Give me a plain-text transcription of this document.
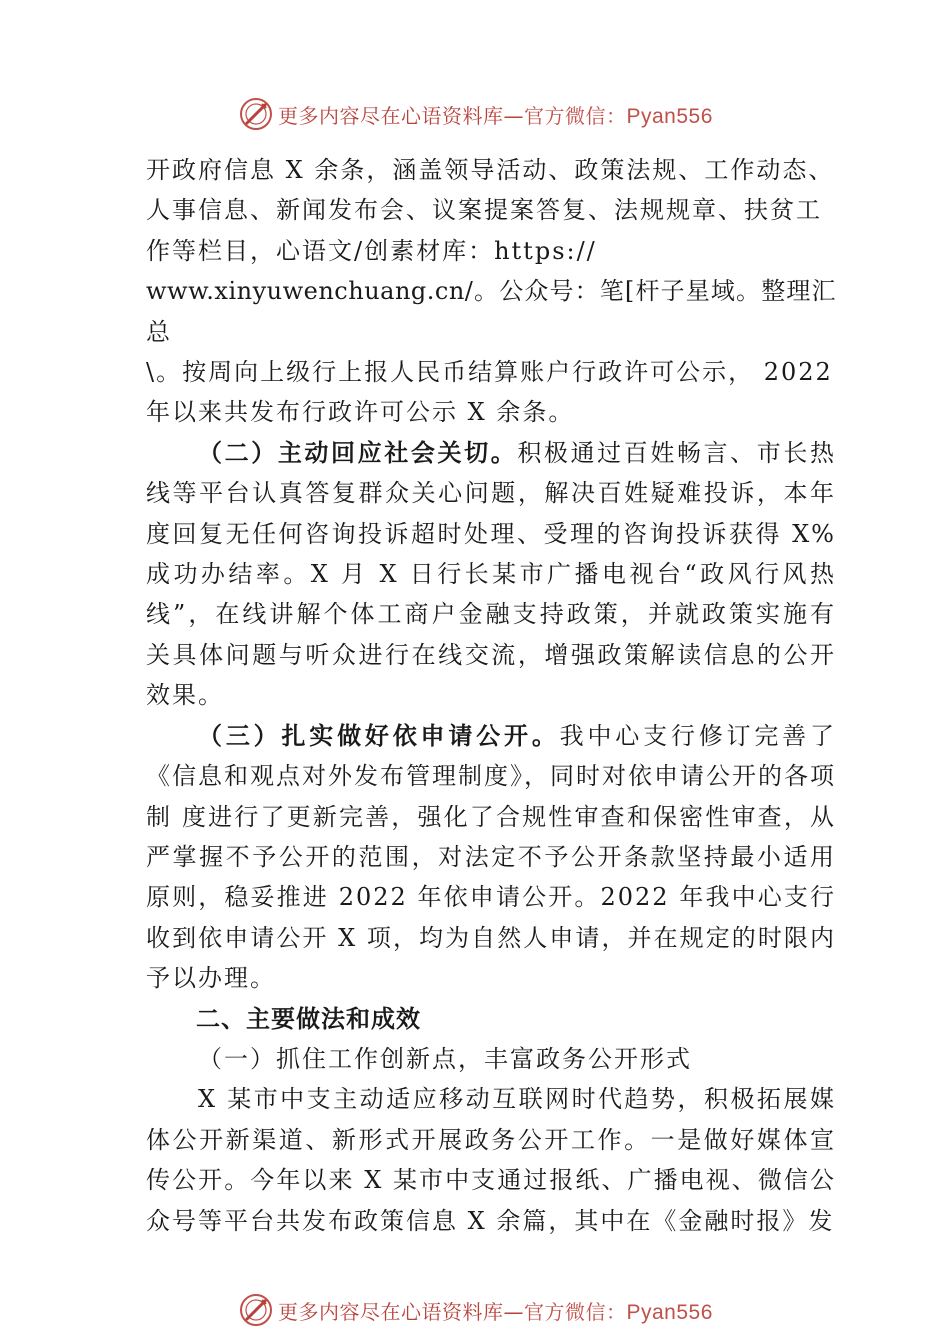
更多内容尽在心语资料库—官方微信：Pyan556

开政府信息 X 余条，涵盖领导活动、政策法规、工作动态、
人事信息、新闻发布会、议案提案答复、法规规章、扶贫工
作等栏目，心语文/创素材库：https://
www.xinyuwenchuang.cn/。公众号：笔[杆子星域。整理汇总
\。按周向上级行上报人民币结算账户行政许可公示， 2022
年以来共发布行政许可公示 X 余条。

（二）主动回应社会关切。积极通过百姓畅言、市长热线等平台认真答复群众关心问题，解决百姓疑难投诉，本年度回复无任何咨询投诉超时处理、受理的咨询投诉获得 X% 成功办结率。X 月 X 日行长某市广播电视台“政风行风热线”，在线讲解个体工商户金融支持政策，并就政策实施有关具体问题与听众进行在线交流，增强政策解读信息的公开效果。

（三）扎实做好依申请公开。我中心支行修订完善了《信息和观点对外发布管理制度》，同时对依申请公开的各项制 度进行了更新完善，强化了合规性审查和保密性审查，从严掌握不予公开的范围，对法定不予公开条款坚持最小适用原则，稳妥推进 2022 年依申请公开。2022 年我中心支行收到依申请公开 X 项，均为自然人申请，并在规定的时限内予以办理。

二、主要做法和成效

（一）抓住工作创新点，丰富政务公开形式

X 某市中支主动适应移动互联网时代趋势，积极拓展媒体公开新渠道、新形式开展政务公开工作。一是做好媒体宣传公开。今年以来 X 某市中支通过报纸、广播电视、微信公众号等平台共发布政策信息 X 余篇，其中在《金融时报》发

更多内容尽在心语资料库—官方微信：Pyan556
